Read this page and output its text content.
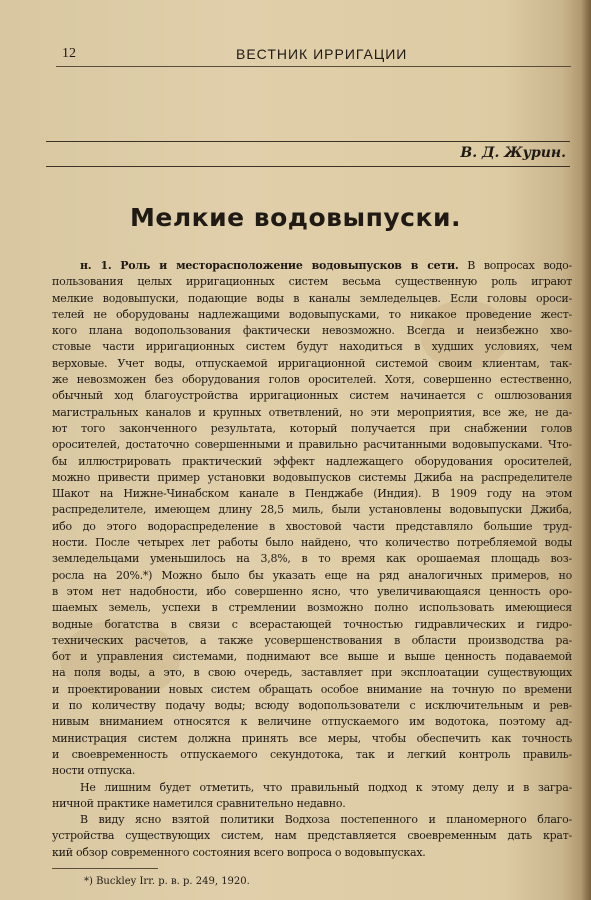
12	ВЕСТНИК ИРРИГАЦИИ
В. Д. Журин.
Мелкие водовыпуски.
н. 1. Роль и месторасположение водовыпусков в сети. В вопросах водо-
пользования целых ирригационных систем весьма существенную роль играют
мелкие водовыпуски, подающие воды в каналы земледельцев. Если головы ороси-
телей не оборудованы надлежащими водовыпусками, то никакое проведение жест-
кого плана водопользования фактически невозможно. Всегда и неизбежно хво-
стовые части ирригационных систем будут находиться в худших условиях, чем
верховые. Учет воды, отпускаемой ирригационной системой своим клиентам, так-
же невозможен без оборудования голов оросителей. Хотя, совершенно естественно,
обычный ход благоустройства ирригационных систем начинается с ошлюзования
магистральных каналов и крупных ответвлений, но эти мероприятия, все же, не да-
ют того законченного результата, который получается при снабжении голов
оросителей, достаточно совершенными и правильно расчитанными водовыпусками. Что-
бы иллюстрировать практический эффект надлежащего оборудования оросителей,
можно привести пример установки водовыпусков системы Джиба на распределителе
Шакот на Нижне-Чинабском канале в Пенджабе (Индия). В 1909 году на этом
распределителе, имеющем длину 28,5 миль, были установлены водовыпуски Джиба,
ибо до этого водораспределение в хвостовой части представляло большие труд-
ности. После четырех лет работы было найдено, что количество потребляемой воды
земледельцами уменьшилось на 3,8%, в то время как орошаемая площадь воз-
росла на 20%.*) Можно было бы указать еще на ряд аналогичных примеров, но
в этом нет надобности, ибо совершенно ясно, что увеличивающаяся ценность оро-
шаемых земель, успехи в стремлении возможно полно использовать имеющиеся
водные богатства в связи с всерастающей точностью гидравлических и гидро-
технических расчетов, а также усовершенствования в области производства ра-
бот и управления системами, поднимают все выше и выше ценность подаваемой
на поля воды, а это, в свою очередь, заставляет при эксплоатации существующих
и проектировании новых систем обращать особое внимание на точную по времени
и по количеству подачу воды; всюду водопользователи с исключительным и рев-
нивым вниманием относятся к величине отпускаемого им водотока, поэтому ад-
министрация систем должна принять все меры, чтобы обеспечить как точность
и своевременность отпускаемого секундотока, так и легкий контроль правиль-
ности отпуска.
Не лишним будет отметить, что правильный подход к этому делу и в загра-
ничной практике наметился сравнительно недавно.
В виду ясно взятой политики Водхоза постепенного и планомерного благо-
устройства существующих систем, нам представляется своевременным дать крат-
кий обзор современного состояния всего вопроса о водовыпусках.
*) Buckley Irr. p. в. p. 249, 1920.
